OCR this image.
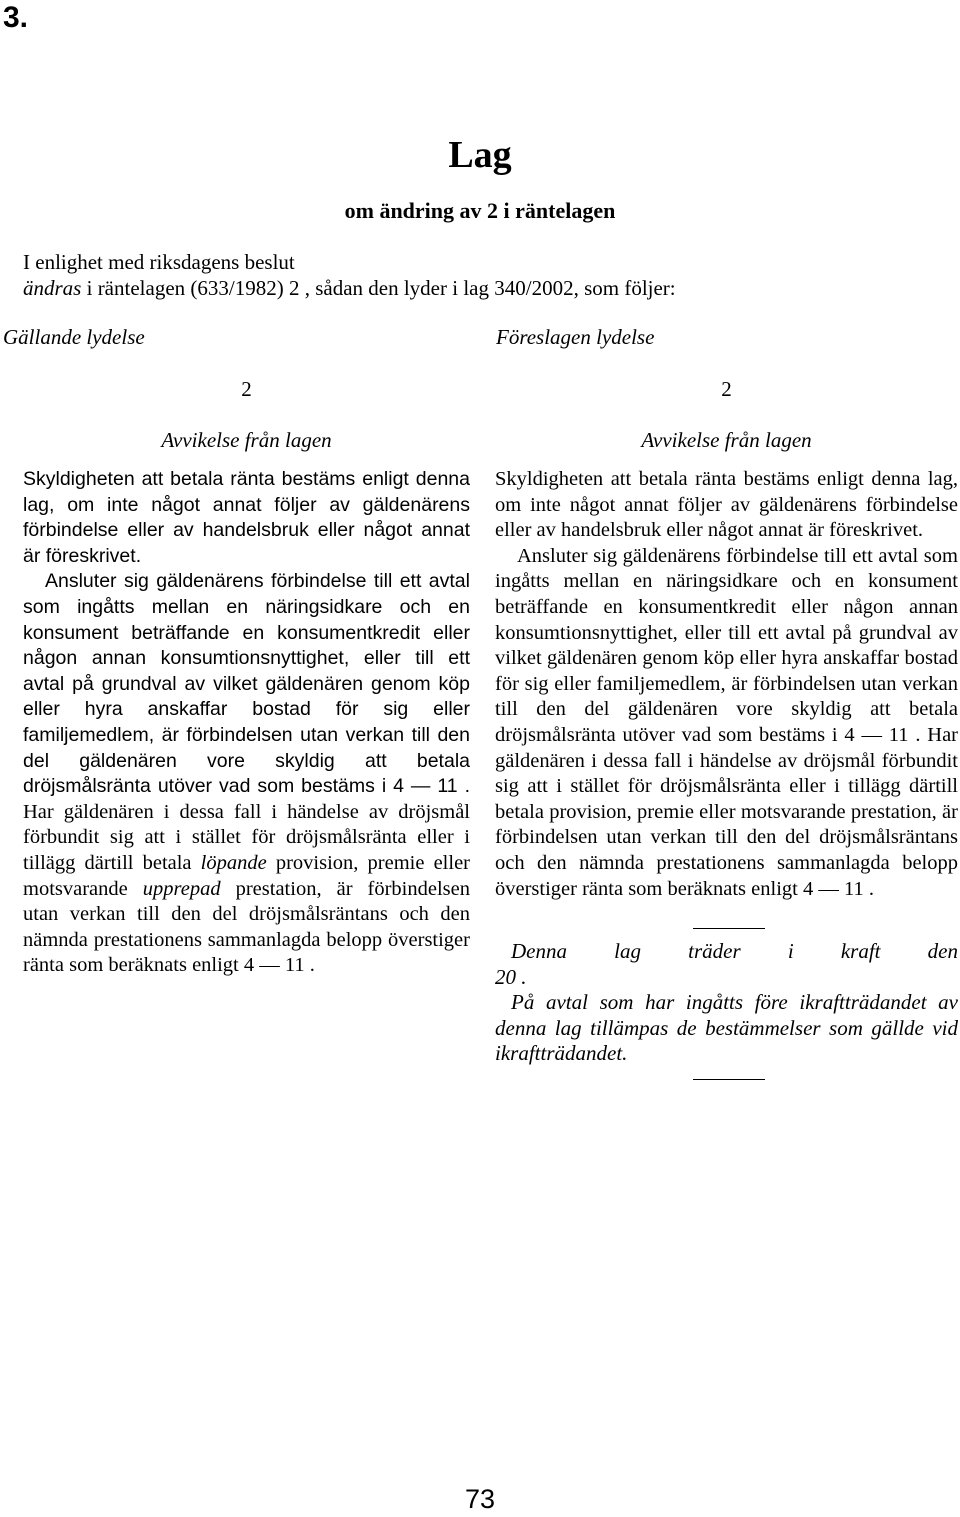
3.
Lag
om ändring av 2 i räntelagen
I enlighet med riksdagens beslut
ändras i räntelagen (633/1982) 2 , sådan den lyder i lag 340/2002, som följer:
Gällande lydelse	Föreslagen lydelse
2
Avvikelse från lagen

Skyldigheten att betala ränta bestäms enligt denna lag, om inte något annat följer av gäldenärens förbindelse eller av handelsbruk eller något annat är föreskrivet.

Ansluter sig gäldenärens förbindelse till ett avtal som ingåtts mellan en näringsidkare och en konsument beträffande en konsumentkredit eller någon annan konsumtionsnyttighet, eller till ett avtal på grundval av vilket gäldenären genom köp eller hyra anskaffar bostad för sig eller familjemedlem, är förbindelsen utan verkan till den del gäldenären vore skyldig att betala dröjsmålsränta utöver vad som bestäms i 4 — 11 . Har gäldenären i dessa fall i händelse av dröjsmål förbundit sig att i stället för dröjsmålsränta eller i tillägg därtill betala löpande provision, premie eller motsvarande upprepad prestation, är förbindelsen utan verkan till den del dröjsmålsräntans och den nämnda prestationens sammanlagda belopp överstiger ränta som beräknats enligt 4 — 11 .

2
Avvikelse från lagen

Skyldigheten att betala ränta bestäms enligt denna lag, om inte något annat följer av gäldenärens förbindelse eller av handelsbruk eller något annat är föreskrivet.

Ansluter sig gäldenärens förbindelse till ett avtal som ingåtts mellan en näringsidkare och en konsument beträffande en konsumentkredit eller någon annan konsumtionsnyttighet, eller till ett avtal på grundval av vilket gäldenären genom köp eller hyra anskaffar bostad för sig eller familjemedlem, är förbindelsen utan verkan till den del gäldenären vore skyldig att betala dröjsmålsränta utöver vad som bestäms i 4 — 11 . Har gäldenären i dessa fall i händelse av dröjsmål förbundit sig att i stället för dröjsmålsränta eller i tillägg därtill betala provision, premie eller motsvarande prestation, är förbindelsen utan verkan till den del dröjsmålsräntans och den nämnda prestationens sammanlagda belopp överstiger ränta som beräknats enligt 4 — 11 .

Denna lag träder i kraft den

20 .

På avtal som har ingåtts före ikraftträdandet av denna lag tillämpas de bestämmelser som gällde vid ikraftträdandet.

73
